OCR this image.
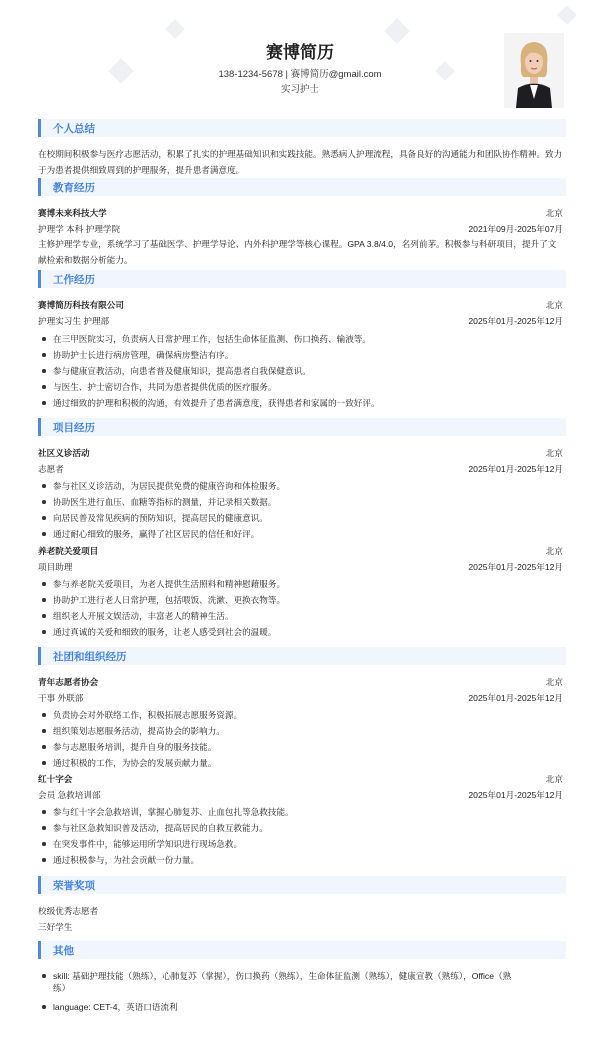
赛博简历
138-1234-5678 | 赛博简历@gmail.com
实习护士
个人总结
在校期间积极参与医疗志愿活动，积累了扎实的护理基础知识和实践技能。熟悉病人护理流程，具备良好的沟通能力和团队协作精神。致力于为患者提供细致周到的护理服务，提升患者满意度。
教育经历
赛博未来科技大学	北京
护理学 本科 护理学院	2021年09月-2025年07月
主修护理学专业，系统学习了基础医学、护理学导论、内外科护理学等核心课程。GPA 3.8/4.0，名列前茅。积极参与科研项目，提升了文献检索和数据分析能力。
工作经历
赛博简历科技有限公司	北京
护理实习生 护理部	2025年01月-2025年12月
在三甲医院实习，负责病人日常护理工作，包括生命体征监测、伤口换药、输液等。
协助护士长进行病房管理，确保病房整洁有序。
参与健康宣教活动，向患者普及健康知识，提高患者自我保健意识。
与医生、护士密切合作，共同为患者提供优质的医疗服务。
通过细致的护理和积极的沟通，有效提升了患者满意度，获得患者和家属的一致好评。
项目经历
社区义诊活动	北京
志愿者	2025年01月-2025年12月
参与社区义诊活动，为居民提供免费的健康咨询和体检服务。
协助医生进行血压、血糖等指标的测量，并记录相关数据。
向居民普及常见疾病的预防知识，提高居民的健康意识。
通过耐心细致的服务，赢得了社区居民的信任和好评。
养老院关爱项目	北京
项目助理	2025年01月-2025年12月
参与养老院关爱项目，为老人提供生活照料和精神慰藉服务。
协助护工进行老人日常护理，包括喂饭、洗漱、更换衣物等。
组织老人开展文娱活动，丰富老人的精神生活。
通过真诚的关爱和细致的服务，让老人感受到社会的温暖。
社团和组织经历
青年志愿者协会	北京
干事 外联部	2025年01月-2025年12月
负责协会对外联络工作，积极拓展志愿服务资源。
组织策划志愿服务活动，提高协会的影响力。
参与志愿服务培训，提升自身的服务技能。
通过积极的工作，为协会的发展贡献力量。
红十字会	北京
会员 急救培训部	2025年01月-2025年12月
参与红十字会急救培训，掌握心肺复苏、止血包扎等急救技能。
参与社区急救知识普及活动，提高居民的自救互救能力。
在突发事件中，能够运用所学知识进行现场急救。
通过积极参与，为社会贡献一份力量。
荣誉奖项
校级优秀志愿者
三好学生
其他
skill: 基础护理技能（熟练），心肺复苏（掌握），伤口换药（熟练），生命体征监测（熟练），健康宣教（熟练），Office（熟
练）
language: CET-4，英语口语流利
